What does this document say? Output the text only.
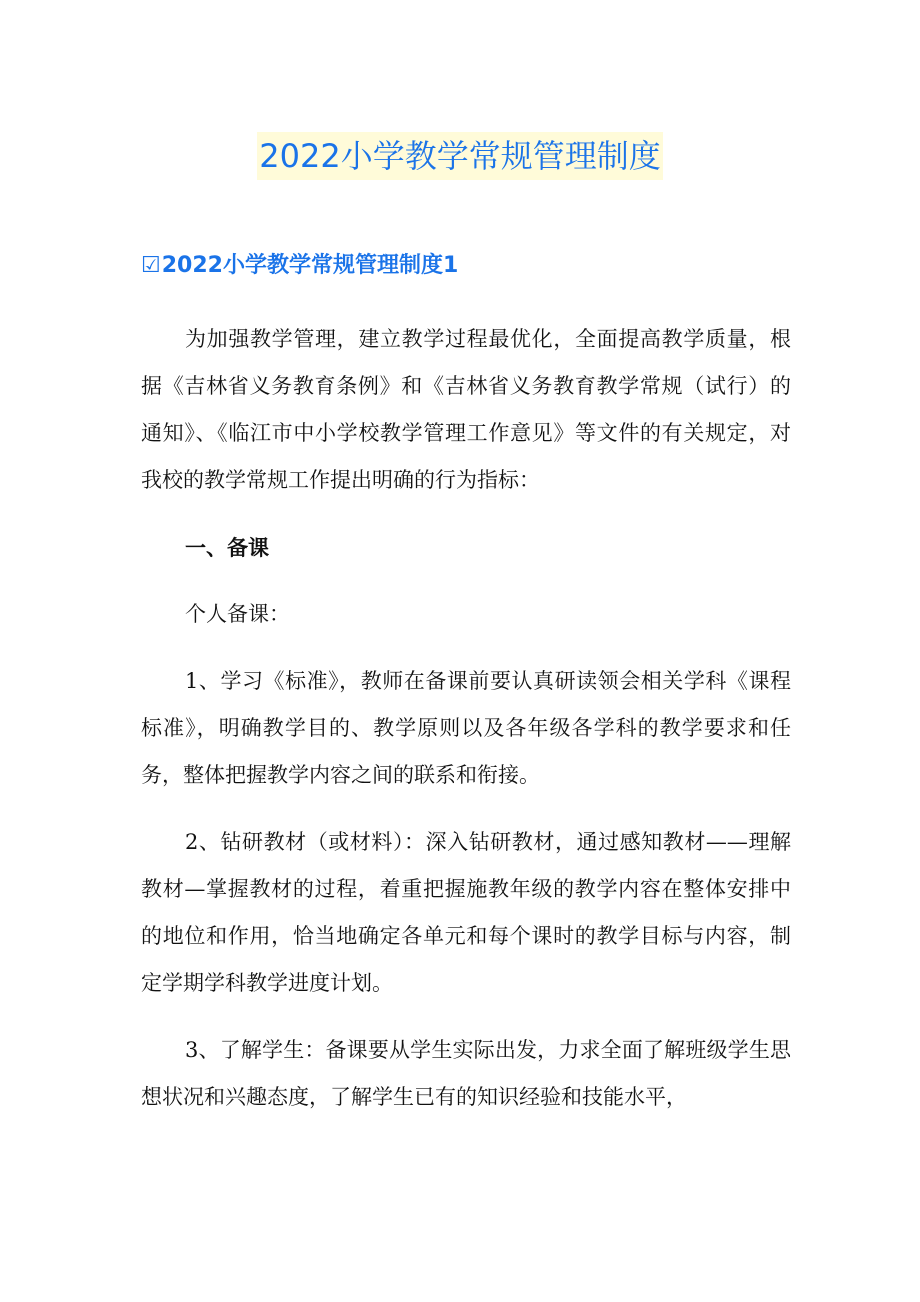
2022小学教学常规管理制度
☑2022小学教学常规管理制度1

为加强教学管理，建立教学过程最优化，全面提高教学质量，根据《吉林省义务教育条例》和《吉林省义务教育教学常规（试行）的通知》、《临江市中小学校教学管理工作意见》等文件的有关规定，对我校的教学常规工作提出明确的行为指标：

一、备课

个人备课：

1、学习《标准》，教师在备课前要认真研读领会相关学科《课程标准》，明确教学目的、教学原则以及各年级各学科的教学要求和任务，整体把握教学内容之间的联系和衔接。

2、钻研教材（或材料）：深入钻研教材，通过感知教材——理解教材—掌握教材的过程，着重把握施教年级的教学内容在整体安排中的地位和作用，恰当地确定各单元和每个课时的教学目标与内容，制定学期学科教学进度计划。

3、了解学生：备课要从学生实际出发，力求全面了解班级学生思想状况和兴趣态度，了解学生已有的知识经验和技能水平，
